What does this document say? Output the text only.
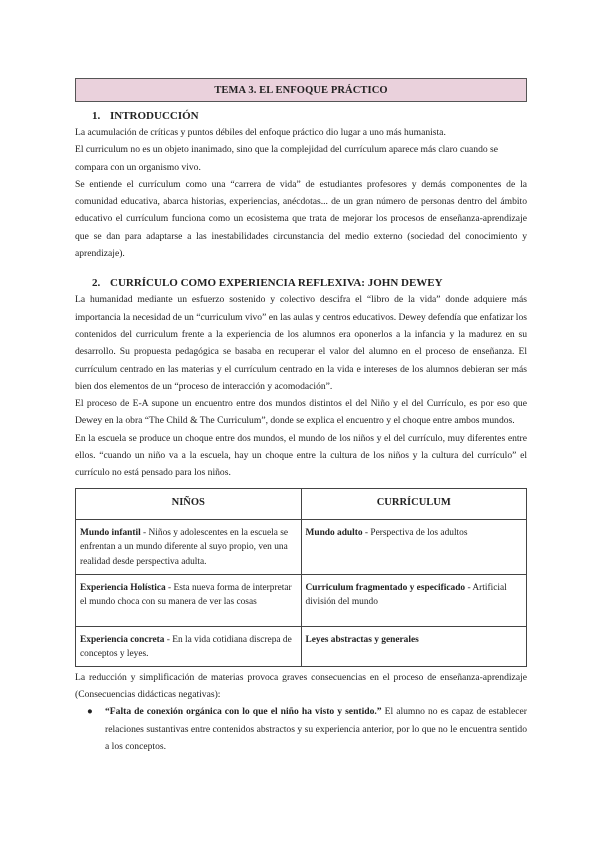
TEMA 3. EL ENFOQUE PRÁCTICO
1. INTRODUCCIÓN

La acumulación de críticas y puntos débiles del enfoque práctico dio lugar a uno más humanista.

El curriculum no es un objeto inanimado, sino que la complejidad del currículum aparece más claro cuando se compara con un organismo vivo.

Se entiende el currículum como una “carrera de vida” de estudiantes profesores y demás componentes de la comunidad educativa, abarca historias, experiencias, anécdotas... de un gran número de personas dentro del ámbito educativo el currículum funciona como un ecosistema que trata de mejorar los procesos de enseñanza-aprendizaje que se dan para adaptarse a las inestabilidades circunstancia del medio externo (sociedad del conocimiento y aprendizaje).

2. CURRÍCULO COMO EXPERIENCIA REFLEXIVA: JOHN DEWEY

La humanidad mediante un esfuerzo sostenido y colectivo descifra el “libro de la vida” donde adquiere más importancia la necesidad de un “curriculum vivo” en las aulas y centros educativos. Dewey defendía que enfatizar los contenidos del curriculum frente a la experiencia de los alumnos era oponerlos a la infancia y la madurez en su desarrollo. Su propuesta pedagógica se basaba en recuperar el valor del alumno en el proceso de enseñanza. El currículum centrado en las materias y el currículum centrado en la vida e intereses de los alumnos debieran ser más bien dos elementos de un “proceso de interacción y acomodación”.

El proceso de E-A supone un encuentro entre dos mundos distintos el del Niño y el del Currículo, es por eso que Dewey en la obra “The Child & The Curriculum”, donde se explica el encuentro y el choque entre ambos mundos.

En la escuela se produce un choque entre dos mundos, el mundo de los niños y el del currículo, muy diferentes entre ellos. “cuando un niño va a la escuela, hay un choque entre la cultura de los niños y la cultura del currículo” el currículo no está pensado para los niños.

NIÑOS	CURRÍCULUM
Mundo infantil - Niños y adolescentes en la escuela se enfrentan a un mundo diferente al suyo propio, ven una realidad desde perspectiva adulta.	Mundo adulto - Perspectiva de los adultos
Experiencia Holística - Esta nueva forma de interpretar el mundo choca con su manera de ver las cosas	Curriculum fragmentado y especificado - Artificial división del mundo
Experiencia concreta - En la vida cotidiana discrepa de conceptos y leyes.	Leyes abstractas y generales

La reducción y simplificación de materias provoca graves consecuencias en el proceso de enseñanza-aprendizaje (Consecuencias didácticas negativas):

● “Falta de conexión orgánica con lo que el niño ha visto y sentido.” El alumno no es capaz de establecer relaciones sustantivas entre contenidos abstractos y su experiencia anterior, por lo que no le encuentra sentido a los conceptos.
